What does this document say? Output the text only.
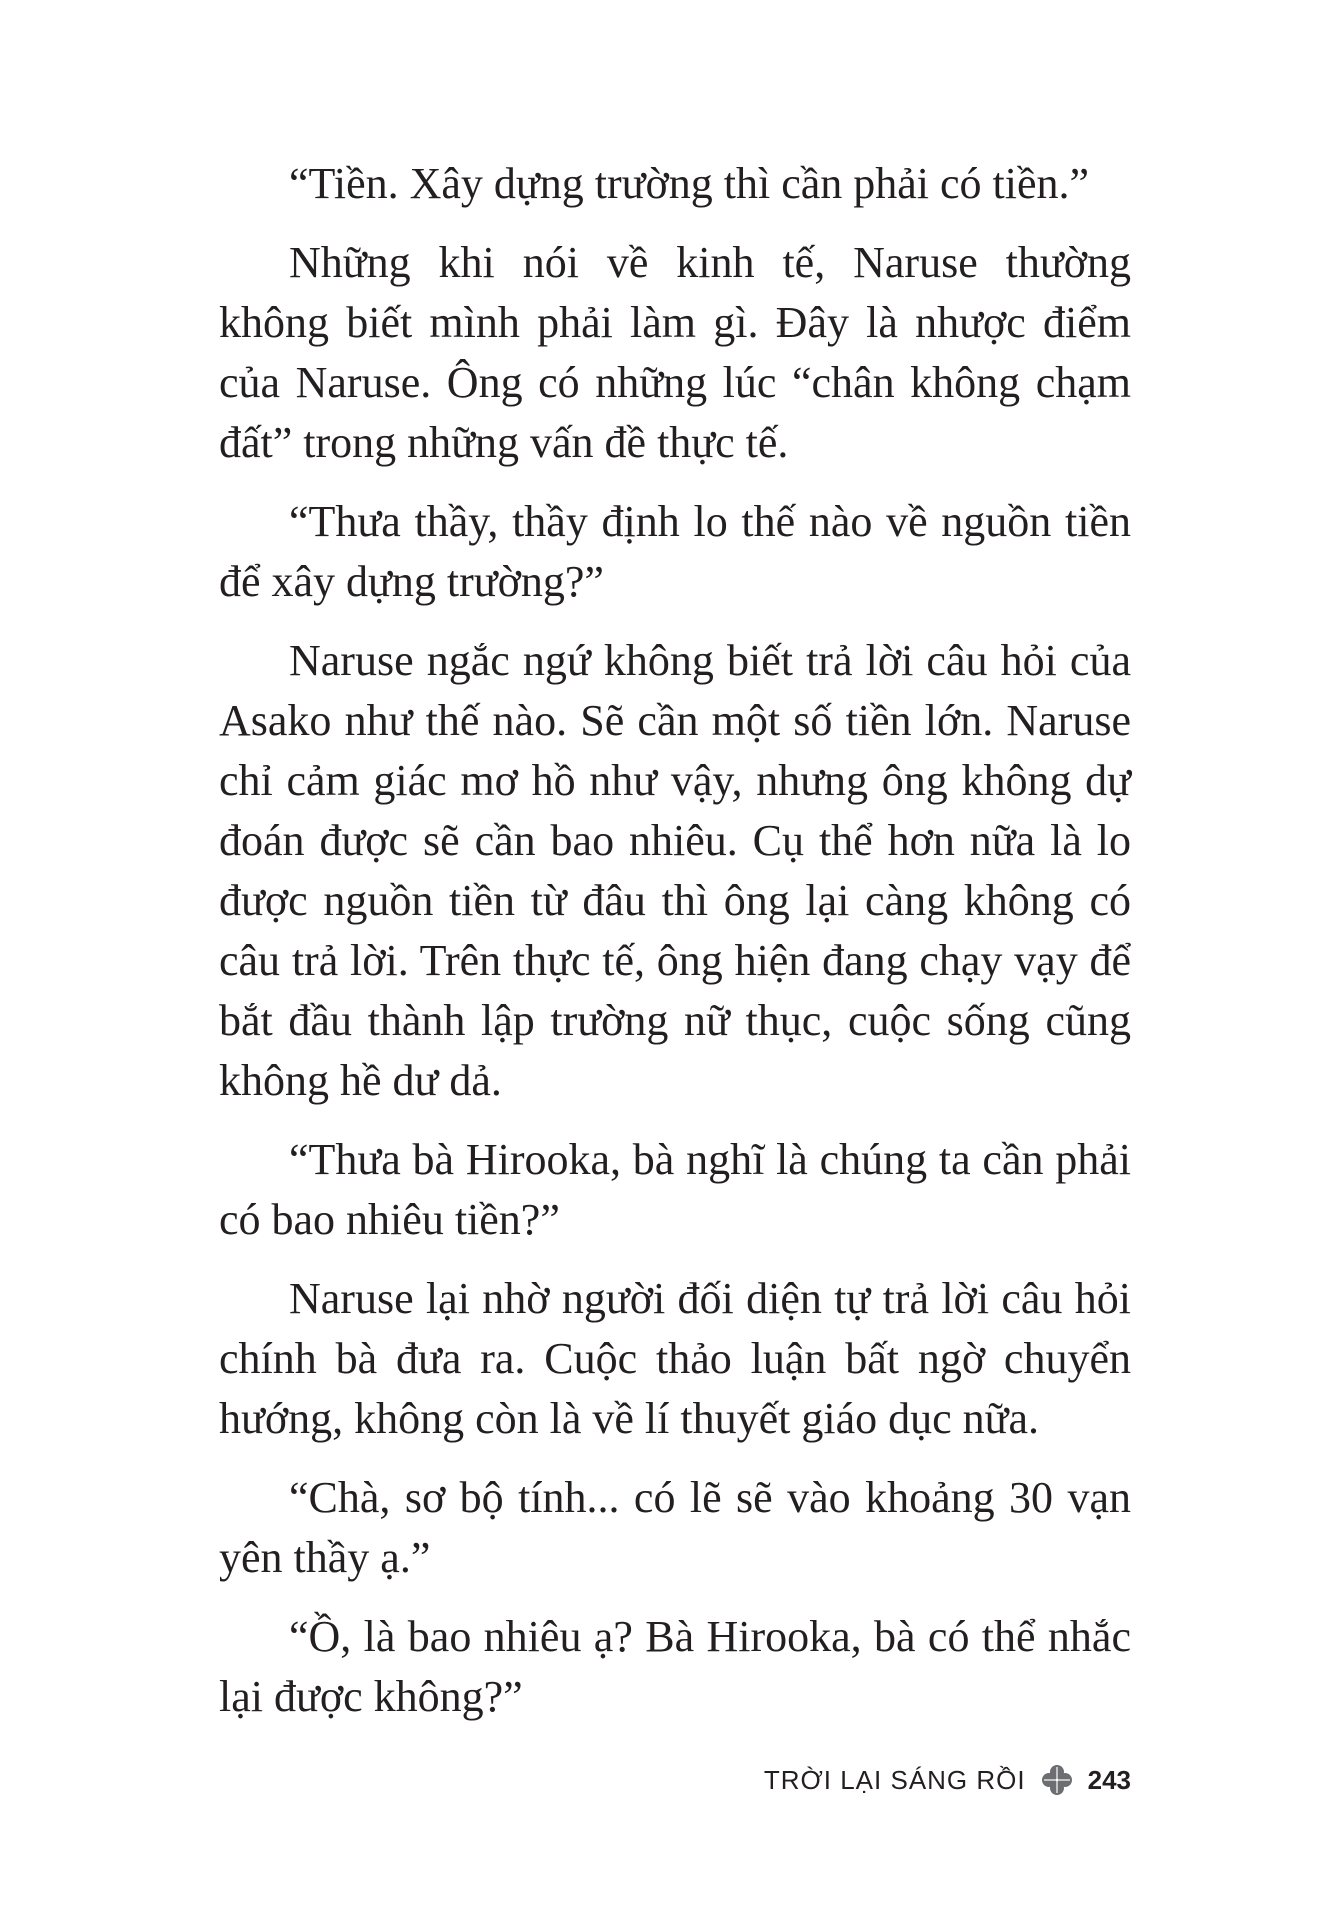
“Tiền. Xây dựng trường thì cần phải có tiền.”

Những khi nói về kinh tế, Naruse thường không biết mình phải làm gì. Đây là nhược điểm của Naruse. Ông có những lúc “chân không chạm đất” trong những vấn đề thực tế.

“Thưa thầy, thầy định lo thế nào về nguồn tiền để xây dựng trường?”

Naruse ngắc ngứ không biết trả lời câu hỏi của Asako như thế nào. Sẽ cần một số tiền lớn. Naruse chỉ cảm giác mơ hồ như vậy, nhưng ông không dự đoán được sẽ cần bao nhiêu. Cụ thể hơn nữa là lo được nguồn tiền từ đâu thì ông lại càng không có câu trả lời. Trên thực tế, ông hiện đang chạy vạy để bắt đầu thành lập trường nữ thục, cuộc sống cũng không hề dư dả.

“Thưa bà Hirooka, bà nghĩ là chúng ta cần phải có bao nhiêu tiền?”

Naruse lại nhờ người đối diện tự trả lời câu hỏi chính bà đưa ra. Cuộc thảo luận bất ngờ chuyển hướng, không còn là về lí thuyết giáo dục nữa.

“Chà, sơ bộ tính... có lẽ sẽ vào khoảng 30 vạn yên thầy ạ.”

“Ồ, là bao nhiêu ạ? Bà Hirooka, bà có thể nhắc lại được không?”

TRỜI LẠI SÁNG RỒI 243
